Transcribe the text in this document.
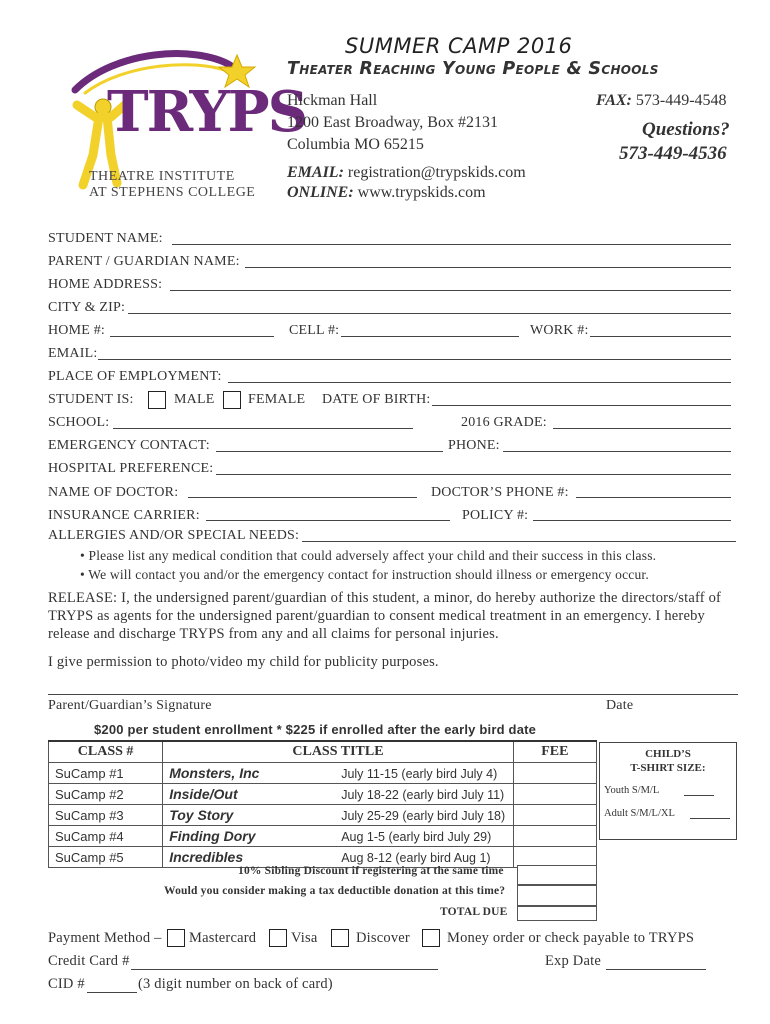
TRYPS
THEATRE INSTITUTE
AT STEPHENS COLLEGE
SUMMER CAMP 2016
Theater Reaching Young People & Schools
Hickman Hall
1200 East Broadway, Box #2131
Columbia MO 65215
FAX: 573-449-4548
Questions?
573-449-4536
EMAIL: registration@trypskids.com
ONLINE: www.trypskids.com
STUDENT NAME:
PARENT / GUARDIAN NAME:
HOME ADDRESS:
CITY & ZIP:
HOME #:	CELL #:	WORK #:
EMAIL:
PLACE OF EMPLOYMENT:
STUDENT IS:	MALE FEMALE DATE OF BIRTH:
SCHOOL:	2016 GRADE:
EMERGENCY CONTACT:	PHONE:
HOSPITAL PREFERENCE:
NAME OF DOCTOR:	DOCTOR’S PHONE #:
INSURANCE CARRIER:	POLICY #:
ALLERGIES AND/OR SPECIAL NEEDS:
• Please list any medical condition that could adversely affect your child and their success in this class.
• We will contact you and/or the emergency contact for instruction should illness or emergency occur.
RELEASE: I, the undersigned parent/guardian of this student, a minor, do hereby authorize the directors/staff of
TRYPS as agents for the undersigned parent/guardian to consent medical treatment in an emergency. I hereby
release and discharge TRYPS from any and all claims for personal injuries.
I give permission to photo/video my child for publicity purposes.
Parent/Guardian’s Signature	Date
$200 per student enrollment * $225 if enrolled after the early bird date
CLASS #	CLASS TITLE	FEE
SuCamp #1	Monsters, Inc July 11-15 (early bird July 4)	
SuCamp #2	Inside/Out July 18-22 (early bird July 11)	
SuCamp #3	Toy Story July 25-29 (early bird July 18)	
SuCamp #4	Finding Dory Aug 1-5 (early bird July 29)	
SuCamp #5	Incredibles Aug 8-12 (early bird Aug 1)	
10% Sibling Discount if registering at the same time
Would you consider making a tax deductible donation at this time?
TOTAL DUE
CHILD’S
T-SHIRT SIZE:
Youth S/M/L
Adult S/M/L/XL
Payment Method – Mastercard Visa	Discover	Money order or check payable to TRYPS
Credit Card #	Exp Date
CID #	(3 digit number on back of card)
